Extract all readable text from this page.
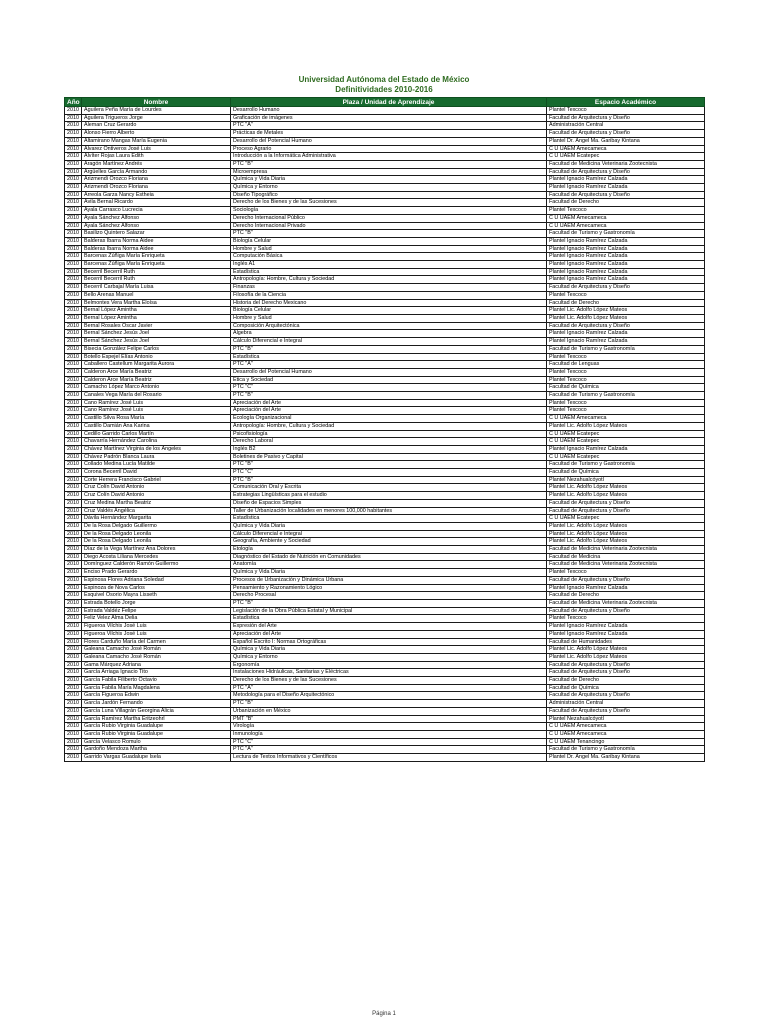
Universidad Autónoma del Estado de México
Definitividades 2010-2016
Año	Nombre	Plaza / Unidad de Aprendizaje	Espacio Académico
2010	Aguilera Peña María de Lourdes	Desarrollo Humano	Plantel Texcoco
2010	Aguilera Trigueros Jorge	Graficación de imágenes	Facultad de Arquitectura y Diseño
2010	Aleman Cruz Gerardo	PTC "A"	Administración Central
2010	Alonso Fierro Alberto	Prácticas de Metales	Facultad de Arquitectura y Diseño
2010	Altamirano Mangas María Eugenia	Desarrollo del Potencial Humano	Plantel Dr. Ángel Ma. Garibay Kintana
2010	Alvarez Ontiveros José Luis	Proceso Agrario	C U UAEM Amecameca
2010	Alvíter Rojas Laura Edith	Introducción a la Informática Administrativa	C U UAEM Ecatepec
2010	Aragón Martínez Andrés	PTC "B"	Facultad de Medicina Veterinaria Zootecnista
2010	Argüelles García Armando	Microempresa	Facultad de Arquitectura y Diseño
2010	Arizmendi Orozco Floriana	Química y Vida Diaria	Plantel Ignacio Ramírez Calzada
2010	Arizmendi Orozco Floriana	Química y Entorno	Plantel Ignacio Ramírez Calzada
2010	Arreola Garza Nancy Estheia	Diseño Tipográfico	Facultad de Arquitectura y Diseño
2010	Ávila Bernal Ricardo	Derecho de los Bienes y de las Sucesiones	Facultad de Derecho
2010	Ayala Carrasco Lucrecia	Sociología	Plantel Texcoco
2010	Ayala Sánchez Alfonso	Derecho Internacional Público	C U UAEM Amecameca
2010	Ayala Sánchez Alfonso	Derecho Internacional Privado	C U UAEM Amecameca
2010	Basilizo Quintero Salazar	PTC "B"	Facultad de Turismo y Gastronomía
2010	Balderas Ibarra Norma Aidee	Biología Celular	Plantel Ignacio Ramírez Calzada
2010	Balderas Ibarra Norma Aidee	Hombre y Salud	Plantel Ignacio Ramírez Calzada
2010	Barcenas Zúñiga María Enriqueta	Computación Básica	Plantel Ignacio Ramírez Calzada
2010	Barcenas Zúñiga María Enriqueta	Inglés A1	Plantel Ignacio Ramírez Calzada
2010	Becerril Becerril Ruth	Estadística	Plantel Ignacio Ramírez Calzada
2010	Becerril Becerril Ruth	Antropología: Hombre, Cultura y Sociedad	Plantel Ignacio Ramírez Calzada
2010	Becerril Carbajal María Luisa	Finanzas	Facultad de Arquitectura y Diseño
2010	Bello Arenas Manuel	Filosofía de la Ciencia	Plantel Texcoco
2010	Belmontes Vera Martha Eloísa	Historia del Derecho Mexicano	Facultad de Derecho
2010	Bernal López Amintha	Biología Celular	Plantel Lic. Adolfo López Mateos
2010	Bernal López Amintha	Hombre y Salud	Plantel Lic. Adolfo López Mateos
2010	Bernal Rosales Oscar Javier	Composición Arquitectónica	Facultad de Arquitectura y Diseño
2010	Bernal Sánchez Jesús Joel	Álgebra	Plantel Ignacio Ramírez Calzada
2010	Bernal Sánchez Jesús Joel	Cálculo Diferencial e Integral	Plantel Ignacio Ramírez Calzada
2010	Bisecia González Felipe Carlos	PTC "B"	Facultad de Turismo y Gastronomía
2010	Botello Espejel Elías Antonio	Estadística	Plantel Texcoco
2010	Caballero Castellum Margarita Aurora	PTC "A"	Facultad de Lenguas
2010	Calderon Arce María Beatriz	Desarrollo del Potencial Humano	Plantel Texcoco
2010	Calderon Arce María Beatriz	Ética y Sociedad	Plantel Texcoco
2010	Camacho López Marco Antonio	PTC "C"	Facultad de Química
2010	Canales Vega María del Rosario	PTC "B"	Facultad de Turismo y Gastronomía
2010	Cano Ramírez José Luis	Apreciación del Arte	Plantel Texcoco
2010	Cano Ramírez José Luis	Apreciación del Arte	Plantel Texcoco
2010	Castillo Silva Rosa María	Ecología Organizacional	C U UAEM Amecameca
2010	Castillo Damián Ana Karina	Antropología: Hombre, Cultura y Sociedad	Plantel Lic. Adolfo López Mateos
2010	Cedillo Garrido Carlos Martín	Psicofisiología	C U UAEM Ecatepec
2010	Chavarría Hernández Carolina	Derecho Laboral	C U UAEM Ecatepec
2010	Chávez Martínez Virginia de los Ángeles	Inglés B2	Plantel Ignacio Ramírez Calzada
2010	Chávez Padrón Blanca Laura	Boletines de Pasivo y Capital	C U UAEM Ecatepec
2010	Collado Medina Lucía Matilde	PTC "B"	Facultad de Turismo y Gastronomía
2010	Corona Becerril David	PTC "C"	Facultad de Química
2010	Corte Herrera Francisco Gabriel	PTC "B"	Plantel Nezahualcóyotl
2010	Cruz Colín David Antonio	Comunicación Oral y Escrita	Plantel Lic. Adolfo López Mateos
2010	Cruz Colín David Antonio	Estrategias Lingüísticas para el estudio	Plantel Lic. Adolfo López Mateos
2010	Cruz Medina Martha Beatriz	Diseño de Espacios Simples	Facultad de Arquitectura y Diseño
2010	Cruz Valdés Angélica	Taller de Urbanización localidades en menores 100,000 habitantes	Facultad de Arquitectura y Diseño
2010	Dávila Hernández Margarita	Estadística	C U UAEM Ecatepec
2010	De la Rosa Delgado Guillermo	Química y Vida Diaria	Plantel Lic. Adolfo López Mateos
2010	De la Rosa Delgado Leonila	Cálculo Diferencial e Integral	Plantel Lic. Adolfo López Mateos
2010	De la Rosa Delgado Leonila	Geografía, Ambiente y Sociedad	Plantel Lic. Adolfo López Mateos
2010	Díaz de la Vega Martínez Ana Dolores	Etología	Facultad de Medicina Veterinaria Zootecnista
2010	Diego Acosta Liliana Mercedes	Diagnóstico del Estado de Nutrición en Comunidades	Facultad de Medicina
2010	Domínguez Calderón Ramón Guillermo	Anatomía	Facultad de Medicina Veterinaria Zootecnista
2010	Enciso Prado Gerardo	Química y Vida Diaria	Plantel Texcoco
2010	Espinosa Flores Adriana Soledad	Procesos de Urbanización y Dinámica Urbana	Facultad de Arquitectura y Diseño
2010	Espinoza de Nova Carlos	Pensamiento y Razonamiento Lógico	Plantel Ignacio Ramírez Calzada
2010	Esquivel Osorio Mayra Lisseth	Derecho Procesal	Facultad de Derecho
2010	Estrada Botello Jorge	PTC "B"	Facultad de Medicina Veterinaria Zootecnista
2010	Estrada Valdéz Felipe	Legislación de la Obra Pública Estatal y Municipal	Facultad de Arquitectura y Diseño
2010	Feliz Velez Alma Delia	Estadística	Plantel Texcoco
2010	Figueroa Vilchis José Luis	Expresión del Arte	Plantel Ignacio Ramírez Calzada
2010	Figueroa Vilchis José Luis	Apreciación del Arte	Plantel Ignacio Ramírez Calzada
2010	Flores Carduño María del Carmen	Español Escrito I: Normas Ortográficas	Facultad de Humanidades
2010	Galeana Camacho José Román	Química y Vida Diaria	Plantel Lic. Adolfo López Mateos
2010	Galeana Camacho José Román	Química y Entorno	Plantel Lic. Adolfo López Mateos
2010	Gama Márquez Adriana	Ergonomía	Facultad de Arquitectura y Diseño
2010	García Arriaga Ignacio Tito	Instalaciones Hidráulicas, Sanitarias y Eléctricas	Facultad de Arquitectura y Diseño
2010	García Fabila Filiberto Octavio	Derecho de los Bienes y de las Sucesiones	Facultad de Derecho
2010	García Fabila María Magdalena	PTC "A"	Facultad de Química
2010	García Figueroa Edwin	Metodología para el Diseño Arquitectónico	Facultad de Arquitectura y Diseño
2010	García Jardón Fernando	PTC "B"	Administración Central
2010	García Luna Villagrán Georgina Alicia	Urbanización en México	Facultad de Arquitectura y Diseño
2010	García Ramírez Martha Eritzeohrl	PMT "B"	Plantel Nezahualcóyotl
2010	García Rubio Virginia Guadalupe	Virología	C U UAEM Amecameca
2010	García Rubio Virginia Guadalupe	Inmunología	C U UAEM Amecameca
2010	García Velasco Romulo	PTC "C"	C U UAEM Tenancingo
2010	Gardoño Mendoza Martha	PTC "A"	Facultad de Turismo y Gastronomía
2010	Garrido Vargas Guadalupe Isela	Lectura de Textos Informativos y Científicos	Plantel Dr. Ángel Ma. Garibay Kintana
Página 1
